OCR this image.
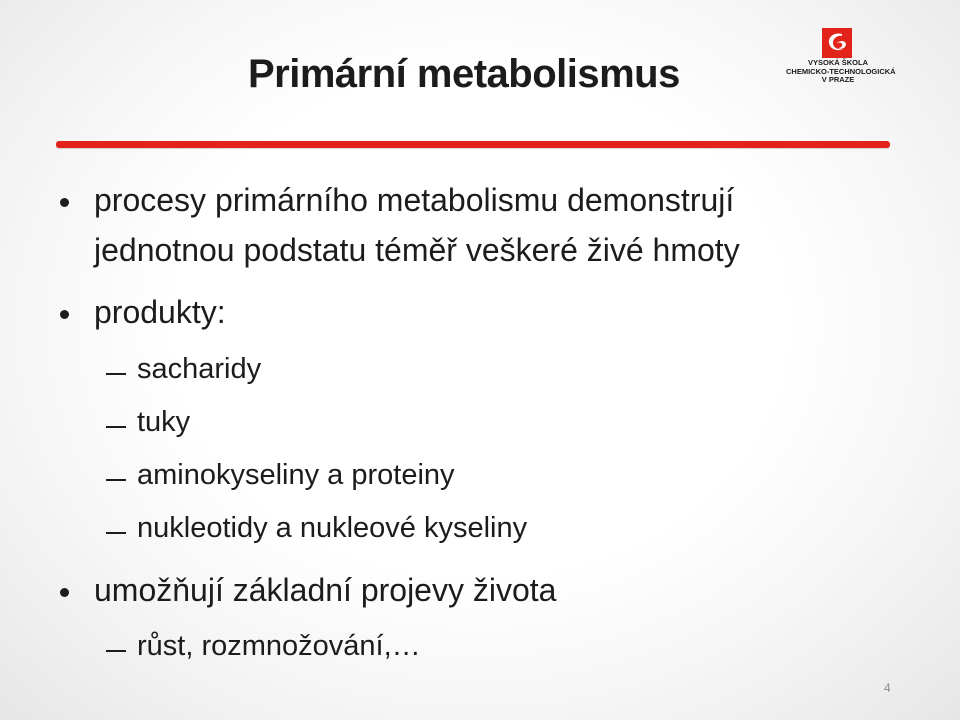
Primární metabolismus	VYSOKÁ ŠKOLA
CHEMICKO-TECHNOLOGICKÁ
V PRAZE
procesy primárního metabolismu demonstrují
jednotnou podstatu téměř veškeré živé hmoty
produkty:
sacharidy
tuky
aminokyseliny a proteiny
nukleotidy a nukleové kyseliny
umožňují základní projevy života
růst, rozmnožování,…
4
